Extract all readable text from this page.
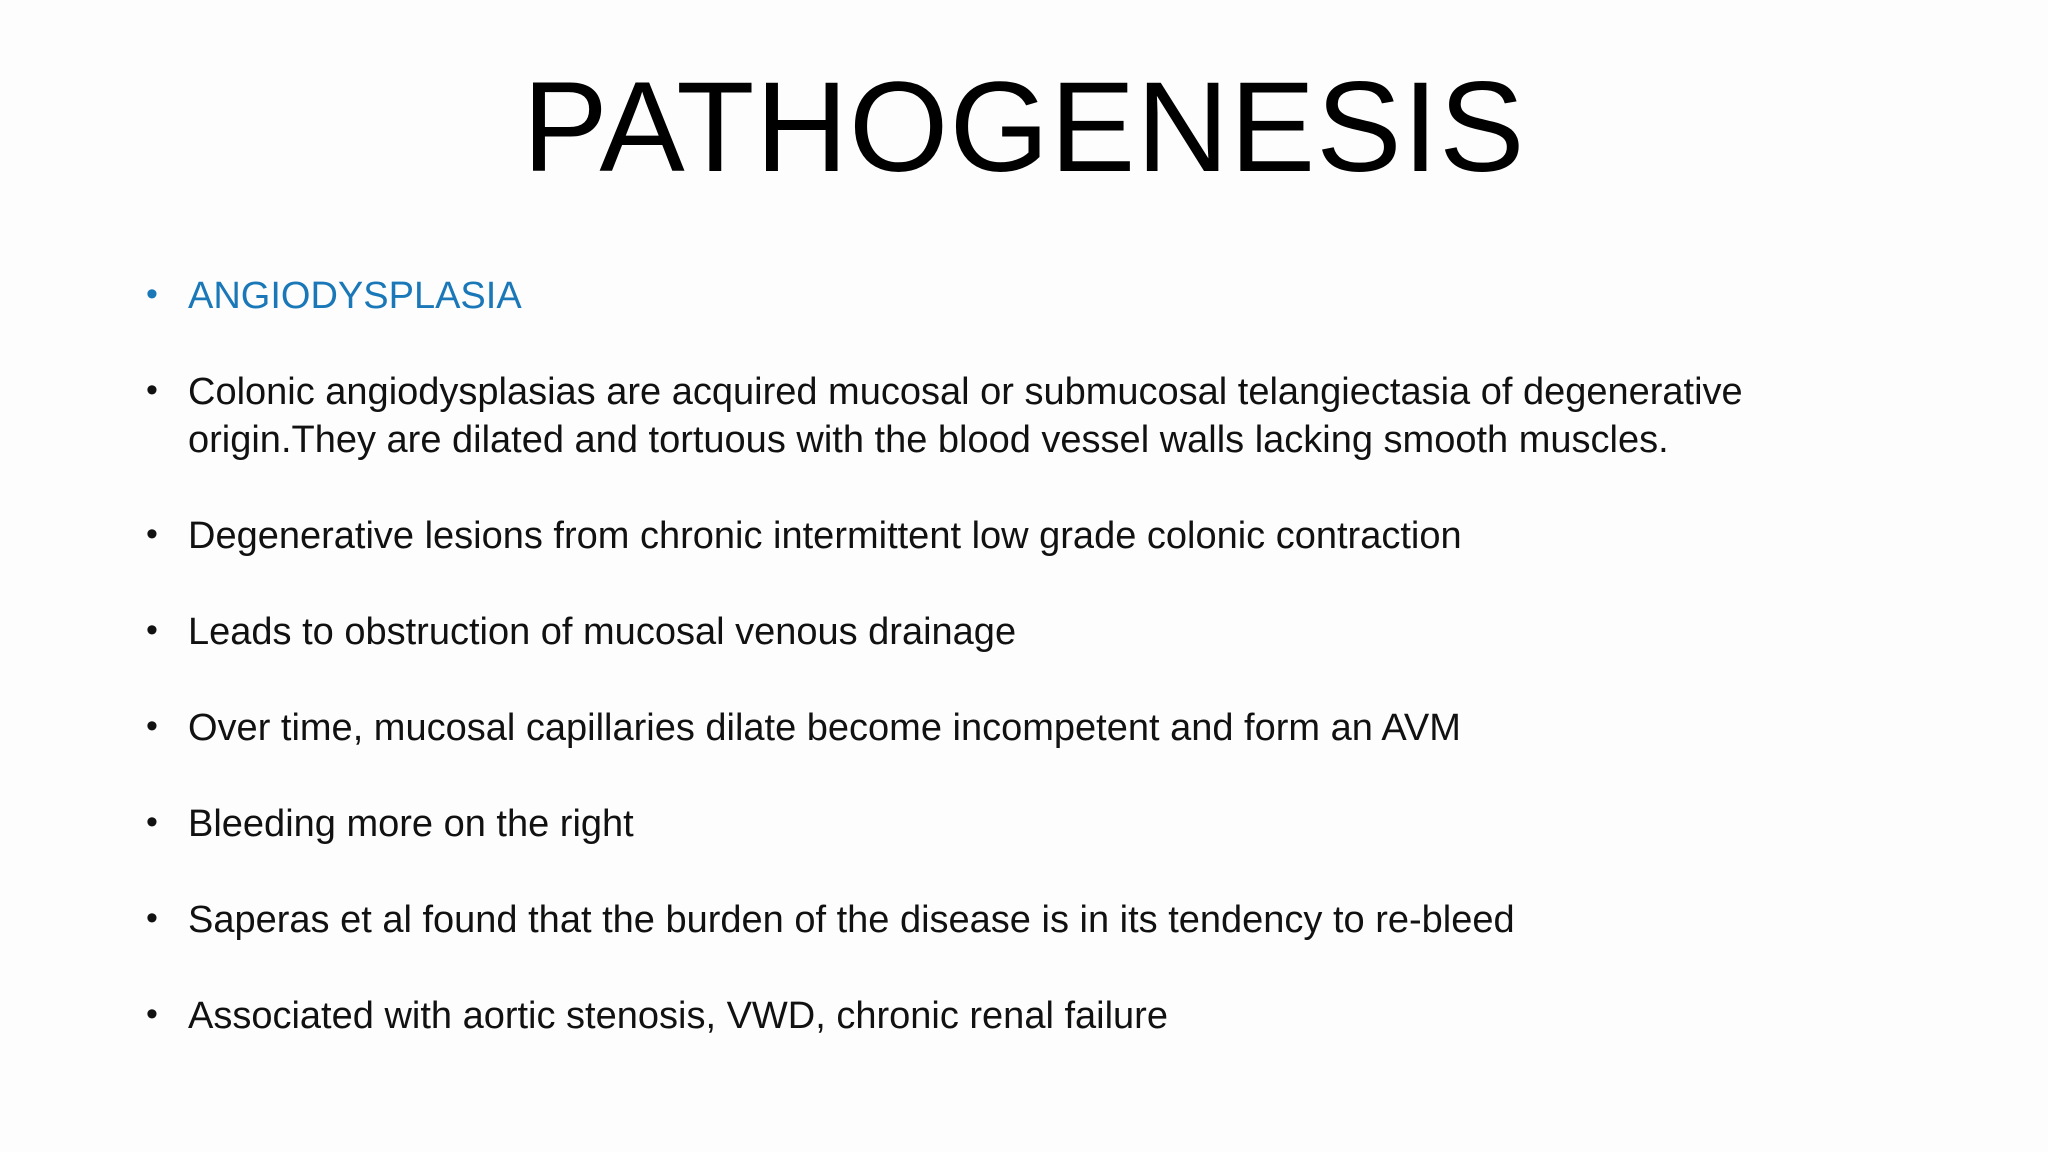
PATHOGENESIS
• ANGIODYSPLASIA
• Colonic angiodysplasias are acquired mucosal or submucosal telangiectasia of degenerative origin.They are dilated and tortuous with the blood vessel walls lacking smooth muscles.
• Degenerative lesions from chronic intermittent low grade colonic contraction
• Leads to obstruction of mucosal venous drainage
• Over time, mucosal capillaries dilate become incompetent and form an AVM
• Bleeding more on the right
• Saperas et al found that the burden of the disease is in its tendency to re-bleed
• Associated with aortic stenosis, VWD, chronic renal failure
